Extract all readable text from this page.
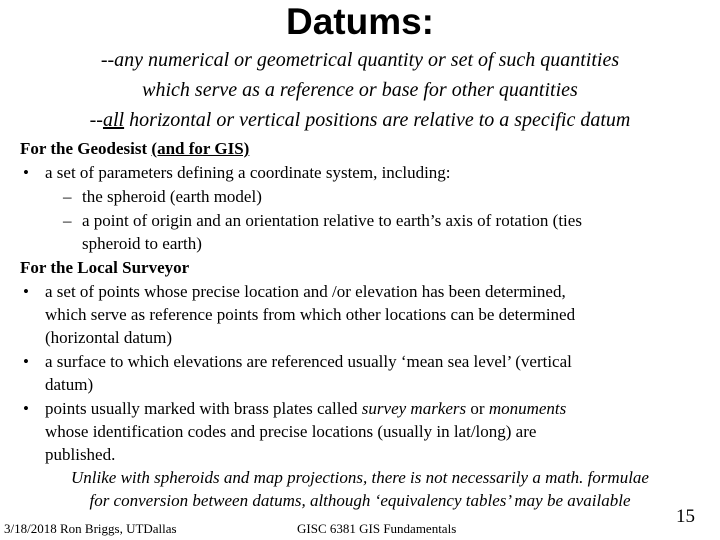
Datums:
--any numerical or geometrical quantity or set of such quantities
which serve as a reference or base for other quantities
--all horizontal or vertical positions are relative to a specific datum
For the Geodesist (and for GIS)
• a set of parameters defining a coordinate system, including:
– the spheroid (earth model)
– a point of origin and an orientation relative to earth’s axis of rotation (ties
spheroid to earth)
For the Local Surveyor
• a set of points whose precise location and /or elevation has been determined,
which serve as reference points from which other locations can be determined
(horizontal datum)
• a surface to which elevations are referenced usually ‘mean sea level’ (vertical
datum)
• points usually marked with brass plates called survey markers or monuments
whose identification codes and precise locations (usually in lat/long) are
published.
Unlike with spheroids and map projections, there is not necessarily a math. formulae
for conversion between datums, although ‘equivalency tables’ may be available
3/18/2018 Ron Briggs, UTDallas	GISC 6381 GIS Fundamentals
15
